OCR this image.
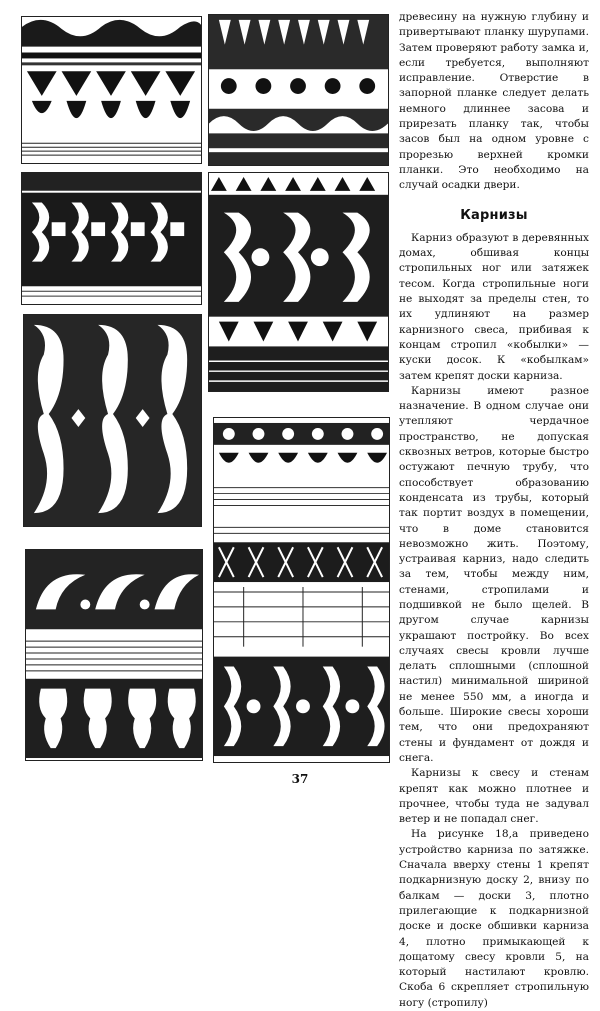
древесину на нужную глубину и привертывают планку шурупами. Затем проверяют работу замка и, если требуется, выполняют исправление. Отверстие в запорной планке следует делать немного длиннее засова и прирезать планку так, чтобы засов был на одном уровне с прорезью верхней кромки планки. Это необходимо на случай осадки двери.

Карнизы

Карниз образуют в деревянных домах, обшивая концы стропильных ног или затяжек тесом. Когда стропильные ноги не выходят за пределы стен, то их удлиняют на размер карнизного свеса, прибивая к концам стропил «кобылки» — куски досок. К «кобылкам» затем крепят доски карниза.

Карнизы имеют разное назначение. В одном случае они утепляют чердачное пространство, не допуская сквозных ветров, которые быстро остужают печную трубу, что способствует образованию конденсата из трубы, который так портит воздух в помещении, что в доме становится невозможно жить. Поэтому, устраивая карниз, надо следить за тем, чтобы между ним, стенами, стропилами и подшивкой не было щелей. В другом случае карнизы украшают постройку. Во всех случаях свесы кровли лучше делать сплошными (сплошной настил) минимальной шириной не менее 550 мм, а иногда и больше. Широкие свесы хороши тем, что они предохраняют стены и фундамент от дождя и снега.

Карнизы к свесу и стенам крепят как можно плотнее и прочнее, чтобы туда не задувал ветер и не попадал снег.

На рисунке 18,а приведено устройство карниза по затяжке. Сначала вверху стены 1 крепят подкарнизную доску 2, внизу по балкам — доски 3, плотно прилегающие к подкарнизной доске и доске обшивки карниза 4, плотно примыкающей к дощатому свесу кровли 5, на который настилают кровлю. Скоба 6 скрепляет стропильную ногу (стропилу)

37
